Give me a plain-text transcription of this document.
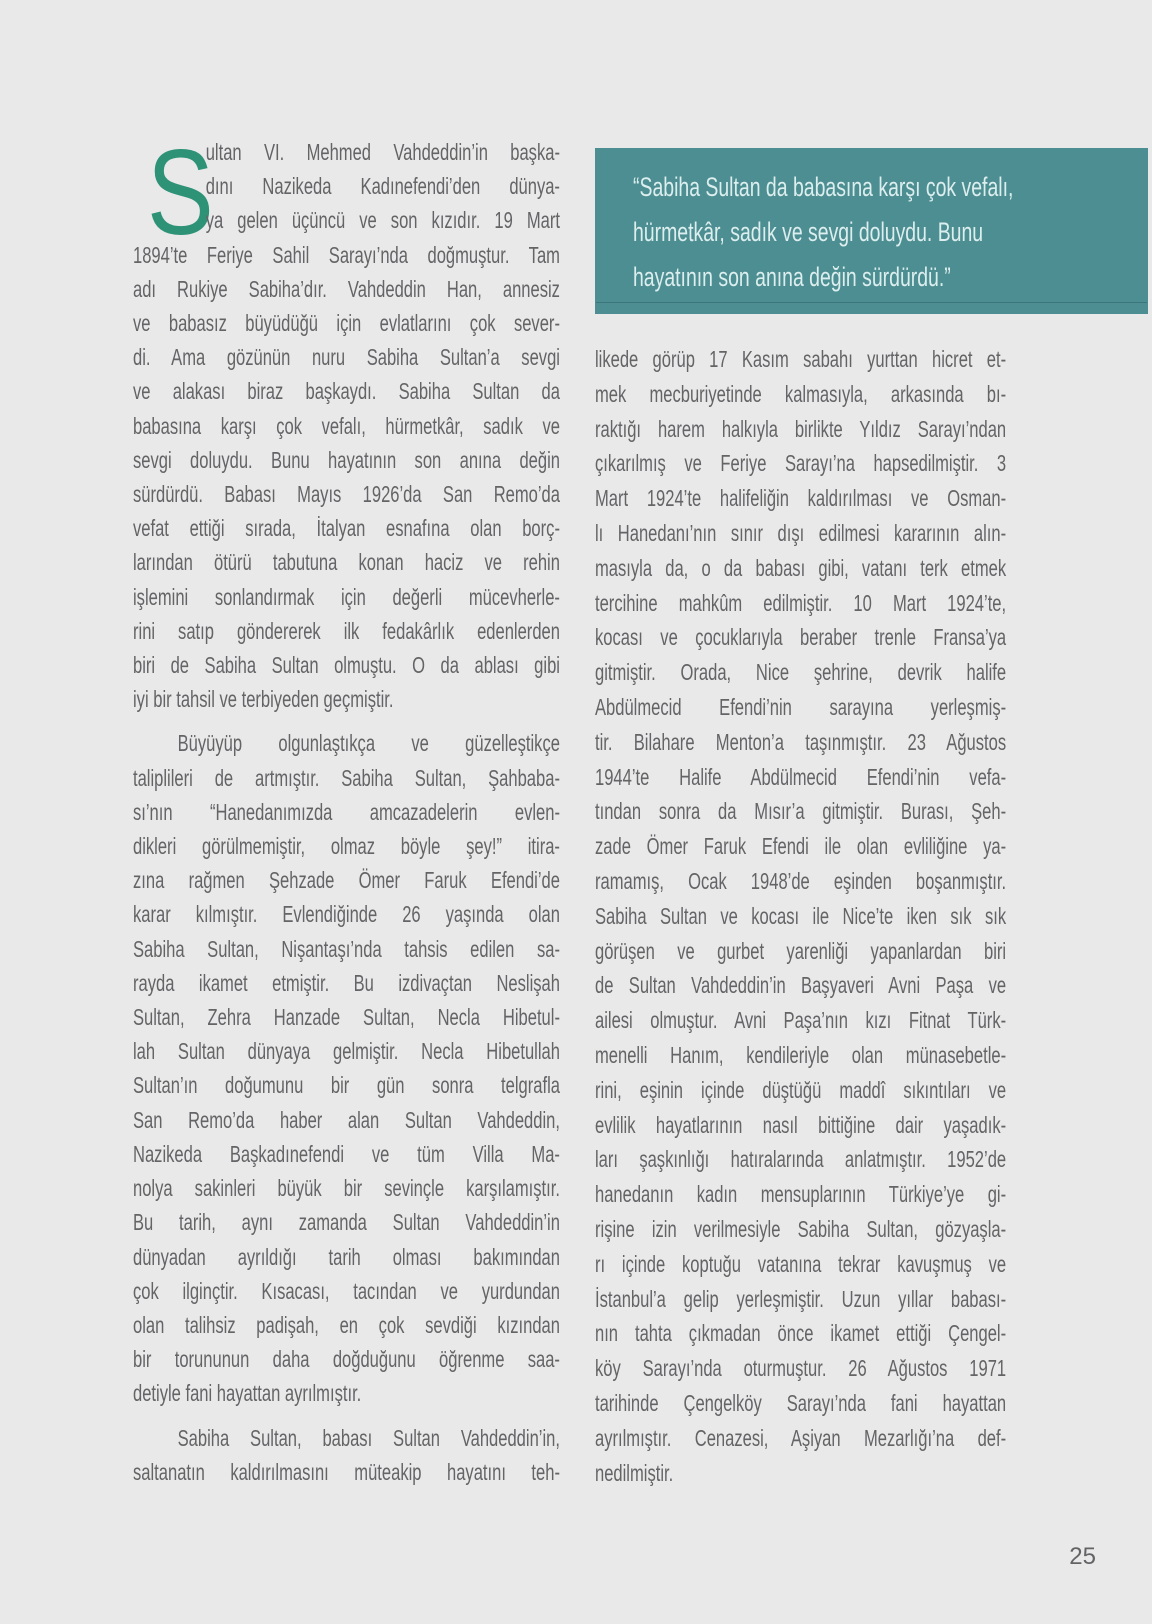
S

ultan VI. Mehmed Vahdeddin’in başka-
dını Nazikeda Kadınefendi’den dünya-
ya gelen üçüncü ve son kızıdır. 19 Mart
1894’te Feriye Sahil Sarayı’nda doğmuştur. Tam
adı Rukiye Sabiha’dır. Vahdeddin Han, annesiz
ve babasız büyüdüğü için evlatlarını çok sever-
di. Ama gözünün nuru Sabiha Sultan’a sevgi
ve alakası biraz başkaydı. Sabiha Sultan da
babasına karşı çok vefalı, hürmetkâr, sadık ve
sevgi doluydu. Bunu hayatının son anına değin
sürdürdü. Babası Mayıs 1926’da San Remo’da
vefat ettiği sırada, İtalyan esnafına olan borç-
larından ötürü tabutuna konan haciz ve rehin
işlemini sonlandırmak için değerli mücevherle-
rini satıp göndererek ilk fedakârlık edenlerden
biri de Sabiha Sultan olmuştu. O da ablası gibi
iyi bir tahsil ve terbiyeden geçmiştir.

Büyüyüp olgunlaştıkça ve güzelleştikçe
taliplileri de artmıştır. Sabiha Sultan, Şahbaba-
sı’nın “Hanedanımızda amcazadelerin evlen-
dikleri görülmemiştir, olmaz böyle şey!” itira-
zına rağmen Şehzade Ömer Faruk Efendi’de
karar kılmıştır. Evlendiğinde 26 yaşında olan
Sabiha Sultan, Nişantaşı’nda tahsis edilen sa-
rayda ikamet etmiştir. Bu izdivaçtan Neslişah
Sultan, Zehra Hanzade Sultan, Necla Hibetul-
lah Sultan dünyaya gelmiştir. Necla Hibetullah
Sultan’ın doğumunu bir gün sonra telgrafla
San Remo’da haber alan Sultan Vahdeddin,
Nazikeda Başkadınefendi ve tüm Villa Ma-
nolya sakinleri büyük bir sevinçle karşılamıştır.
Bu tarih, aynı zamanda Sultan Vahdeddin’in
dünyadan ayrıldığı tarih olması bakımından
çok ilginçtir. Kısacası, tacından ve yurdundan
olan talihsiz padişah, en çok sevdiği kızından
bir torununun daha doğduğunu öğrenme saa-
detiyle fani hayattan ayrılmıştır.

Sabiha Sultan, babası Sultan Vahdeddin’in,
saltanatın kaldırılmasını müteakip hayatını teh-

“Sabiha Sultan da babasına karşı çok vefalı,
hürmetkâr, sadık ve sevgi doluydu. Bunu
hayatının son anına değin sürdürdü.”

likede görüp 17 Kasım sabahı yurttan hicret et-
mek mecburiyetinde kalmasıyla, arkasında bı-
raktığı harem halkıyla birlikte Yıldız Sarayı’ndan
çıkarılmış ve Feriye Sarayı’na hapsedilmiştir. 3
Mart 1924’te halifeliğin kaldırılması ve Osman-
lı Hanedanı’nın sınır dışı edilmesi kararının alın-
masıyla da, o da babası gibi, vatanı terk etmek
tercihine mahkûm edilmiştir. 10 Mart 1924’te,
kocası ve çocuklarıyla beraber trenle Fransa’ya
gitmiştir. Orada, Nice şehrine, devrik halife
Abdülmecid Efendi’nin sarayına yerleşmiş-
tir. Bilahare Menton’a taşınmıştır. 23 Ağustos
1944’te Halife Abdülmecid Efendi’nin vefa-
tından sonra da Mısır’a gitmiştir. Burası, Şeh-
zade Ömer Faruk Efendi ile olan evliliğine ya-
ramamış, Ocak 1948’de eşinden boşanmıştır.
Sabiha Sultan ve kocası ile Nice’te iken sık sık
görüşen ve gurbet yarenliği yapanlardan biri
de Sultan Vahdeddin’in Başyaveri Avni Paşa ve
ailesi olmuştur. Avni Paşa’nın kızı Fitnat Türk-
menelli Hanım, kendileriyle olan münasebetle-
rini, eşinin içinde düştüğü maddî sıkıntıları ve
evlilik hayatlarının nasıl bittiğine dair yaşadık-
ları şaşkınlığı hatıralarında anlatmıştır. 1952’de
hanedanın kadın mensuplarının Türkiye’ye gi-
rişine izin verilmesiyle Sabiha Sultan, gözyaşla-
rı içinde koptuğu vatanına tekrar kavuşmuş ve
İstanbul’a gelip yerleşmiştir. Uzun yıllar babası-
nın tahta çıkmadan önce ikamet ettiği Çengel-
köy Sarayı’nda oturmuştur. 26 Ağustos 1971
tarihinde Çengelköy Sarayı’nda fani hayattan
ayrılmıştır. Cenazesi, Aşiyan Mezarlığı’na def-
nedilmiştir.

25
